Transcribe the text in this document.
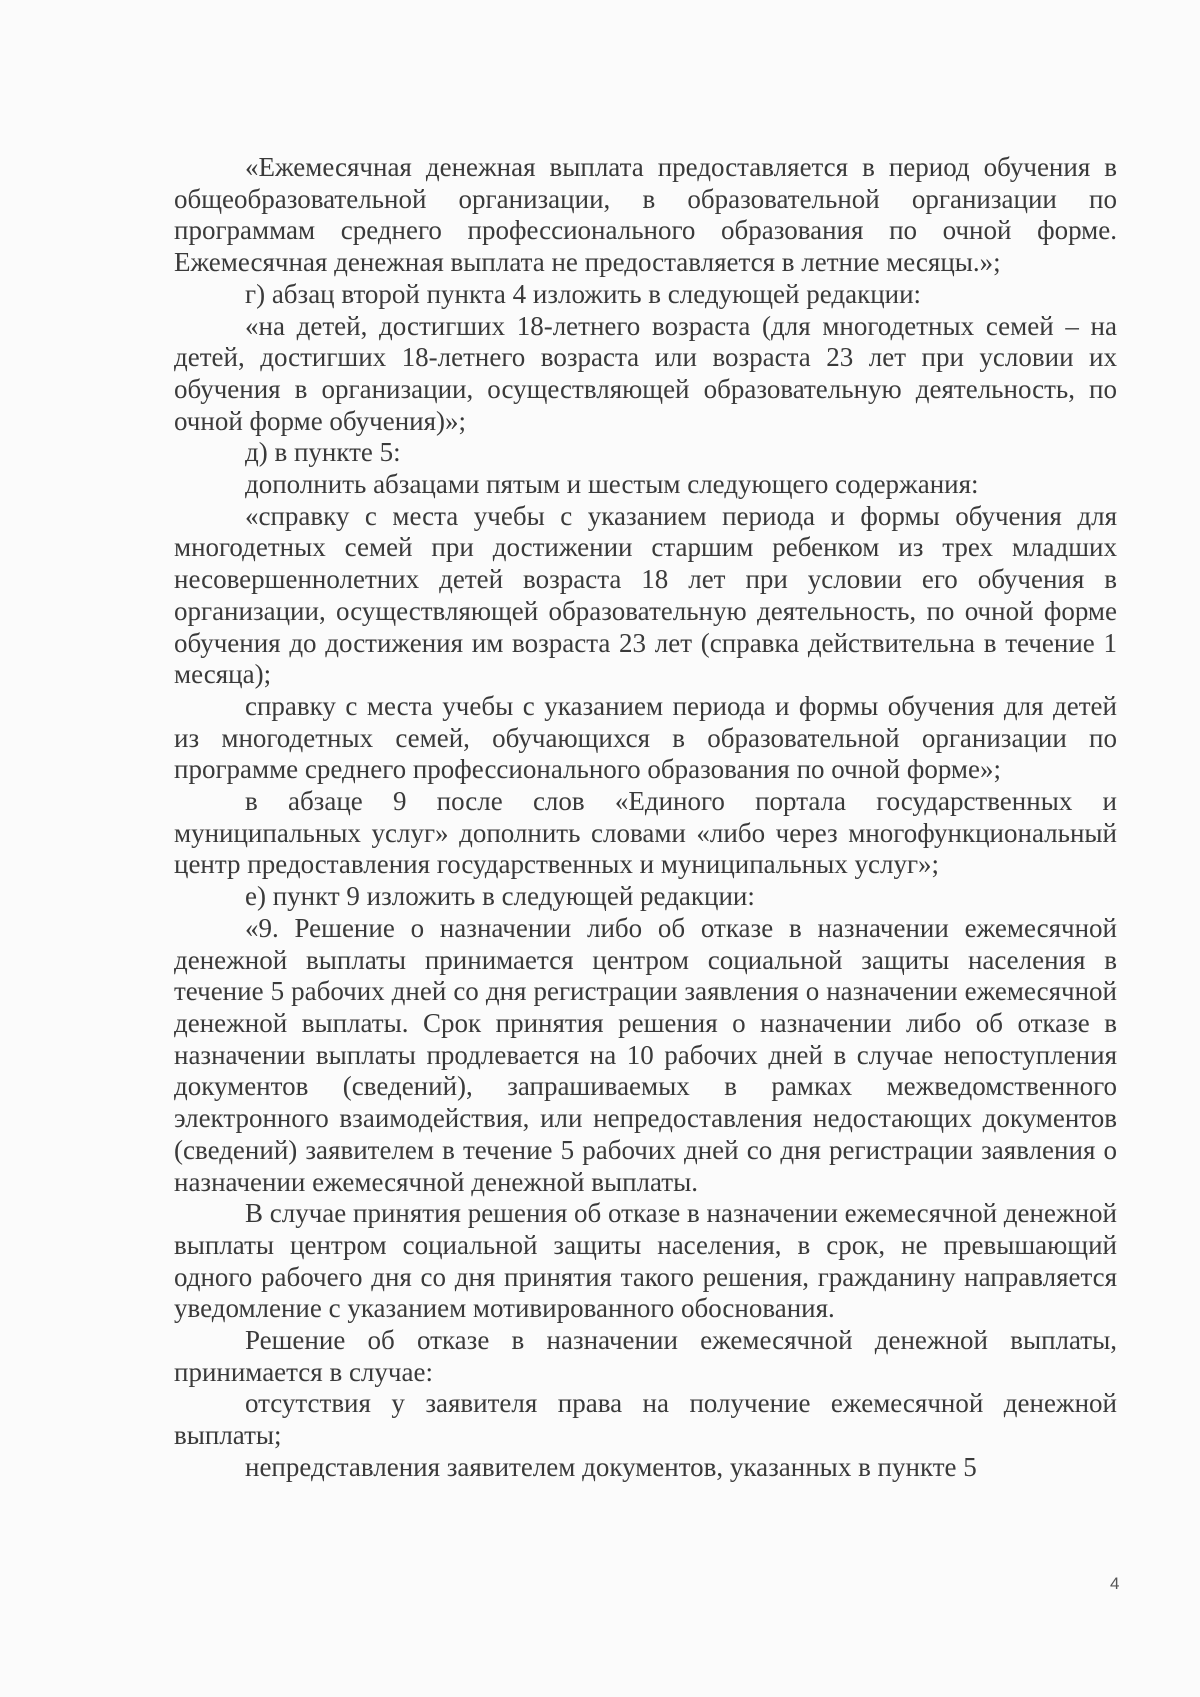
«Ежемесячная денежная выплата предоставляется в период обучения в общеобразовательной организации, в образовательной организации по программам среднего профессионального образования по очной форме. Ежемесячная денежная выплата не предоставляется в летние месяцы.»;

г) абзац второй пункта 4 изложить в следующей редакции:

«на детей, достигших 18-летнего возраста (для многодетных семей – на детей, достигших 18-летнего возраста или возраста 23 лет при условии их обучения в организации, осуществляющей образовательную деятельность, по очной форме обучения)»;

д) в пункте 5:

дополнить абзацами пятым и шестым следующего содержания:

«справку с места учебы с указанием периода и формы обучения для многодетных семей при достижении старшим ребенком из трех младших несовершеннолетних детей возраста 18 лет при условии его обучения в организации, осуществляющей образовательную деятельность, по очной форме обучения до достижения им возраста 23 лет (справка действительна в течение 1 месяца);

справку с места учебы с указанием периода и формы обучения для детей из многодетных семей, обучающихся в образовательной организации по программе среднего профессионального образования по очной форме»;

в абзаце 9 после слов «Единого портала государственных и муниципальных услуг» дополнить словами «либо через многофункциональный центр предоставления государственных и муниципальных услуг»;

е) пункт 9 изложить в следующей редакции:

«9. Решение о назначении либо об отказе в назначении ежемесячной денежной выплаты принимается центром социальной защиты населения в течение 5 рабочих дней со дня регистрации заявления о назначении ежемесячной денежной выплаты. Срок принятия решения о назначении либо об отказе в назначении выплаты продлевается на 10 рабочих дней в случае непоступления документов (сведений), запрашиваемых в рамках межведомственного электронного взаимодействия, или непредоставления недостающих документов (сведений) заявителем в течение 5 рабочих дней со дня регистрации заявления о назначении ежемесячной денежной выплаты.

В случае принятия решения об отказе в назначении ежемесячной денежной выплаты центром социальной защиты населения, в срок, не превышающий одного рабочего дня со дня принятия такого решения, гражданину направляется уведомление с указанием мотивированного обоснования.

Решение об отказе в назначении ежемесячной денежной выплаты, принимается в случае:

отсутствия у заявителя права на получение ежемесячной денежной выплаты;

непредставления заявителем документов, указанных в пункте 5

4
